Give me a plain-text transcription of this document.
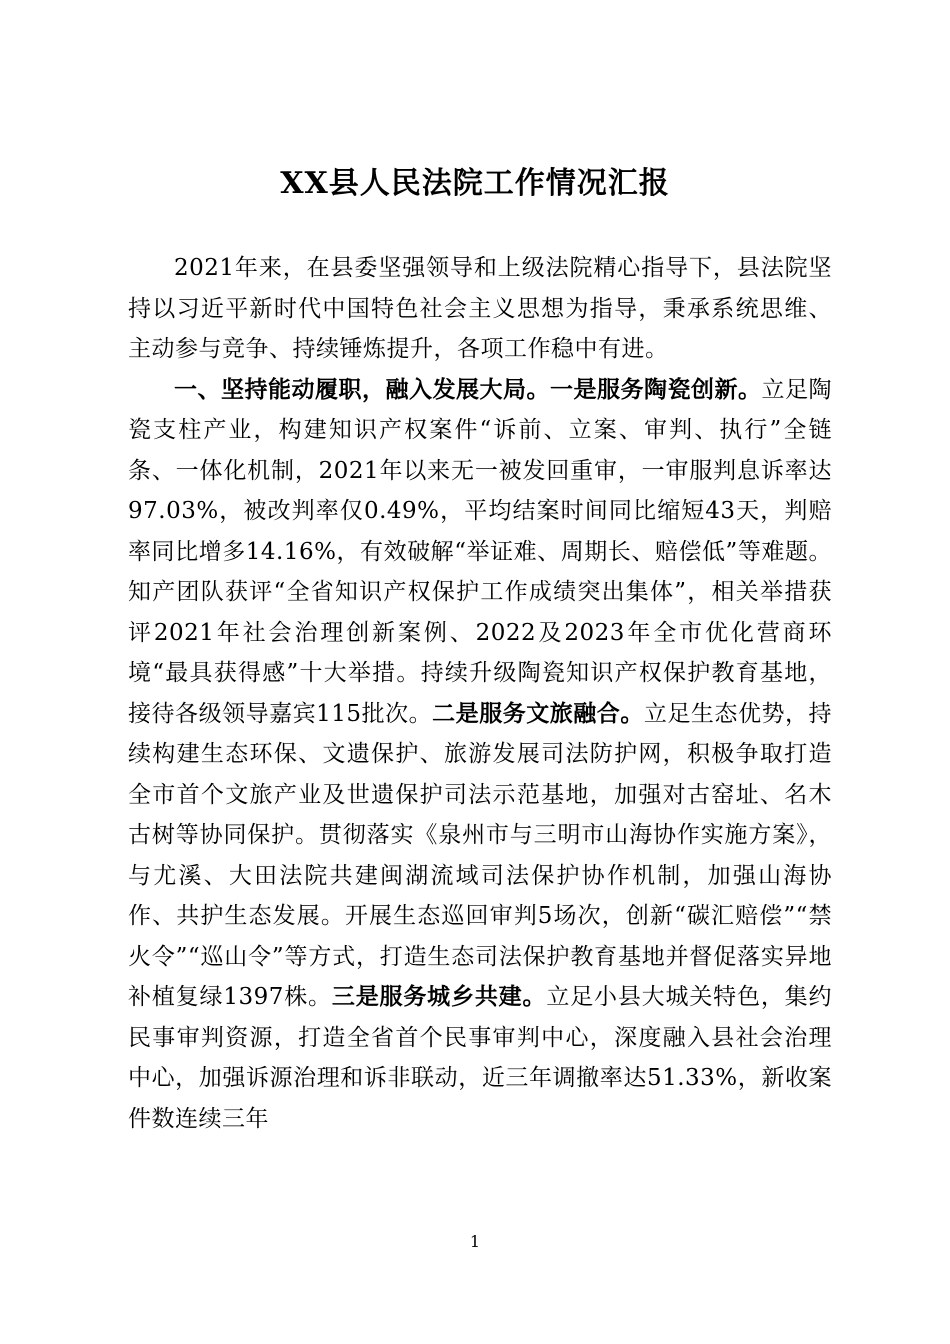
XX县人民法院工作情况汇报

2021年来，在县委坚强领导和上级法院精心指导下，县法院坚持以习近平新时代中国特色社会主义思想为指导，秉承系统思维、主动参与竞争、持续锤炼提升，各项工作稳中有进。

一、坚持能动履职，融入发展大局。一是服务陶瓷创新。立足陶瓷支柱产业，构建知识产权案件“诉前、立案、审判、执行”全链条、一体化机制，2021年以来无一被发回重审，一审服判息诉率达97.03%，被改判率仅0.49%，平均结案时间同比缩短43天，判赔率同比增多14.16%，有效破解“举证难、周期长、赔偿低”等难题。知产团队获评“全省知识产权保护工作成绩突出集体”，相关举措获评2021年社会治理创新案例、2022及2023年全市优化营商环境“最具获得感”十大举措。持续升级陶瓷知识产权保护教育基地，接待各级领导嘉宾115批次。二是服务文旅融合。立足生态优势，持续构建生态环保、文遗保护、旅游发展司法防护网，积极争取打造全市首个文旅产业及世遗保护司法示范基地，加强对古窑址、名木古树等协同保护。贯彻落实《泉州市与三明市山海协作实施方案》，与尤溪、大田法院共建闽湖流域司法保护协作机制，加强山海协作、共护生态发展。开展生态巡回审判5场次，创新“碳汇赔偿”“禁火令”“巡山令”等方式，打造生态司法保护教育基地并督促落实异地补植复绿1397株。三是服务城乡共建。立足小县大城关特色，集约民事审判资源，打造全省首个民事审判中心，深度融入县社会治理中心，加强诉源治理和诉非联动，近三年调撤率达51.33%，新收案件数连续三年

1
